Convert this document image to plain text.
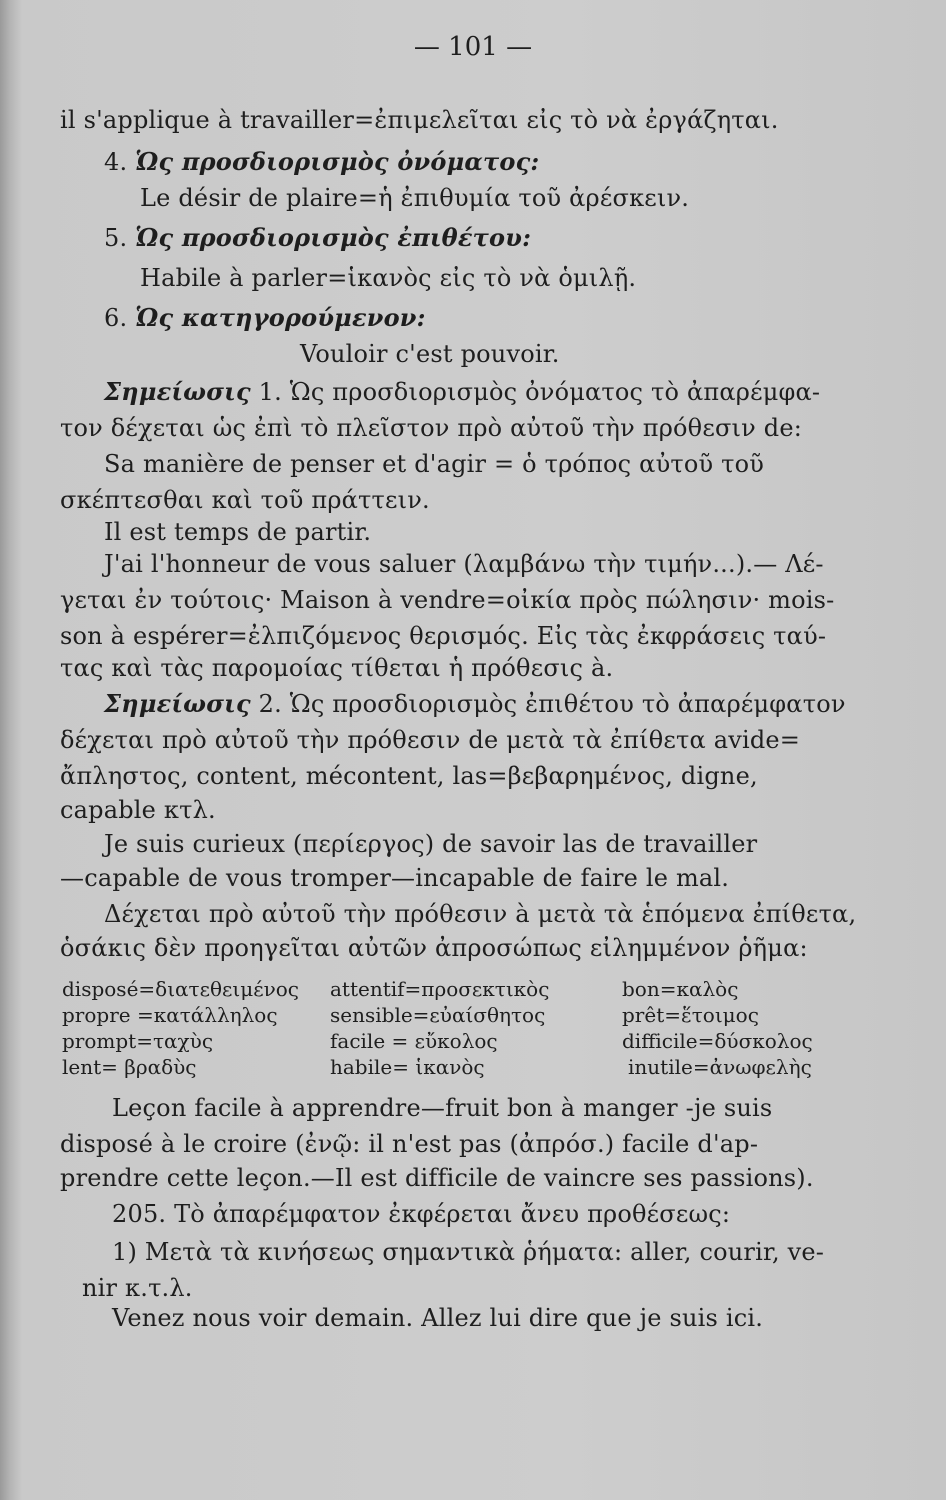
— 101 —
il s'applique à travailler=ἐπιμελεῖται εἰς τὸ νὰ ἐργάζηται.
4. Ὡς προσδιορισμὸς ὀνόματος:
Le désir de plaire=ἡ ἐπιθυμία τοῦ ἀρέσκειν.
5. Ὡς προσδιορισμὸς ἐπιθέτου:
Habile à parler=ἱκανὸς εἰς τὸ νὰ ὁμιλῇ.
6. Ὡς κατηγορούμενον:
Vouloir c'est pouvoir.
Σημείωσις 1. Ὡς προσδιορισμὸς ὀνόματος τὸ ἀπαρέμφα-
τον δέχεται ὡς ἐπὶ τὸ πλεῖστον πρὸ αὐτοῦ τὴν πρόθεσιν de:
Sa manière de penser et d'agir = ὁ τρόπος αὐτοῦ τοῦ
σκέπτεσθαι καὶ τοῦ πράττειν.
Il est temps de partir.
J'ai l'honneur de vous saluer (λαμβάνω τὴν τιμήν...).— Λέ-
γεται ἐν τούτοις· Maison à vendre=οἰκία πρὸς πώλησιν· mois-
son à espérer=ἐλπιζόμενος θερισμός. Εἰς τὰς ἐκφράσεις ταύ-
τας καὶ τὰς παρομοίας τίθεται ἡ πρόθεσις à.
Σημείωσις 2. Ὡς προσδιορισμὸς ἐπιθέτου τὸ ἀπαρέμφατον
δέχεται πρὸ αὐτοῦ τὴν πρόθεσιν de μετὰ τὰ ἐπίθετα avide=
ἄπληστος, content, mécontent, las=βεβαρημένος, digne,
capable κτλ.
Je suis curieux (περίεργος) de savoir las de travailler
—capable de vous tromper—incapable de faire le mal.
Δέχεται πρὸ αὐτοῦ τὴν πρόθεσιν à μετὰ τὰ ἑπόμενα ἐπίθετα,
ὁσάκις δὲν προηγεῖται αὐτῶν ἀπροσώπως εἰλημμένον ῥῆμα:
disposé=διατεθειμένος attentif=προσεκτικὸς	bon=καλὸς
propre =κατάλληλος	sensible=εὐαίσθητος	prêt=ἕτοιμος
prompt=ταχὺς	facile = εὔκολος	difficile=δύσκολος
lent= βραδὺς	habile= ἱκανὸς	inutile=ἀνωφελὴς
Leçon facile à apprendre—fruit bon à manger -je suis
disposé à le croire (ἐνῷ: il n'est pas (ἀπρόσ.) facile d'ap-
prendre cette leçon.—Il est difficile de vaincre ses passions).
205. Τὸ ἀπαρέμφατον ἐκφέρεται ἄνευ προθέσεως:
1) Μετὰ τὰ κινήσεως σημαντικὰ ῥήματα: aller, courir, ve-
nir κ.τ.λ.
Venez nous voir demain. Allez lui dire que je suis ici.
